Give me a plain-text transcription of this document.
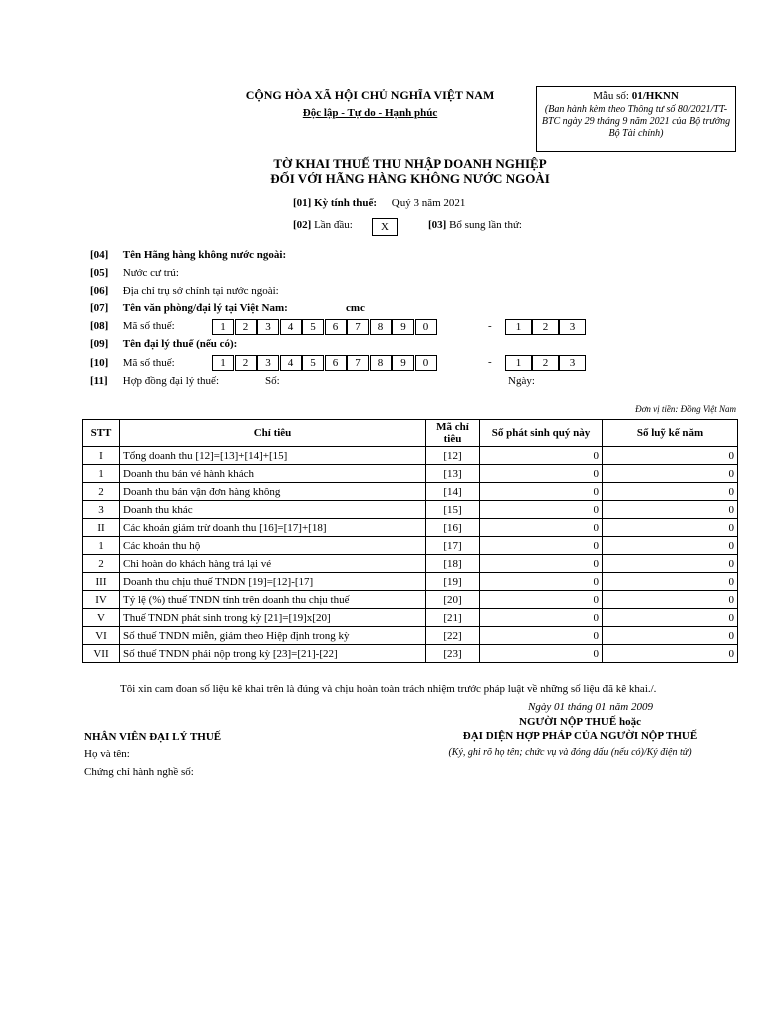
CỘNG HÒA XÃ HỘI CHỦ NGHĨA VIỆT NAM
Độc lập - Tự do - Hạnh phúc
Mẫu số: 01/HKNN
(Ban hành kèm theo Thông tư số 80/2021/TT-BTC ngày 29 tháng 9 năm 2021 của Bộ trưởng Bộ Tài chính)
TỜ KHAI THUẾ THU NHẬP DOANH NGHIỆP
ĐỐI VỚI HÃNG HÀNG KHÔNG NƯỚC NGOÀI
[01] Kỳ tính thuế: Quý 3 năm 2021
[02] Lần đầu:	X	[03] Bổ sung lần thứ:
[04] Tên Hãng hàng không nước ngoài:
[05] Nước cư trú:
[06] Địa chỉ trụ sở chính tại nước ngoài:
[07] Tên văn phòng/đại lý tại Việt Nam:	cmc
[08] Mã số thuế:	1	2	3	4	5	6	7	8	9	0	-	1	2	3
[09] Tên đại lý thuế (nếu có):
[10] Mã số thuế:	1	2	3	4	5	6	7	8	9	0	-	1	2	3
[11] Hợp đồng đại lý thuế:	Số:	Ngày:
Đơn vị tiền: Đồng Việt Nam
STT	Chỉ tiêu	Mã chỉ tiêu	Số phát sinh quý này	Số luỹ kế năm
I	Tổng doanh thu [12]=[13]+[14]+[15]	[12]	0	0
1	Doanh thu bán vé hành khách	[13]	0	0
2	Doanh thu bán vận đơn hàng không	[14]	0	0
3	Doanh thu khác	[15]	0	0
II	Các khoản giảm trừ doanh thu [16]=[17]+[18]	[16]	0	0
1	Các khoản thu hộ	[17]	0	0
2	Chi hoàn do khách hàng trả lại vé	[18]	0	0
III	Doanh thu chịu thuế TNDN [19]=[12]-[17]	[19]	0	0
IV	Tỷ lệ (%) thuế TNDN tính trên doanh thu chịu thuế	[20]	0	0
V	Thuế TNDN phát sinh trong kỳ [21]=[19]x[20]	[21]	0	0
VI	Số thuế TNDN miễn, giảm theo Hiệp định trong kỳ	[22]	0	0
VII	Số thuế TNDN phải nộp trong kỳ [23]=[21]-[22]	[23]	0	0
Tôi xin cam đoan số liệu kê khai trên là đúng và chịu hoàn toàn trách nhiệm trước pháp luật về những số liệu đã kê khai./.
Ngày 01 tháng 01 năm 2009
NHÂN VIÊN ĐẠI LÝ THUẾ
Họ và tên:
Chứng chỉ hành nghề số:
NGƯỜI NỘP THUẾ hoặc
ĐẠI DIỆN HỢP PHÁP CỦA NGƯỜI NỘP THUẾ
(Ký, ghi rõ họ tên; chức vụ và đóng dấu (nếu có)/Ký điện tử)
